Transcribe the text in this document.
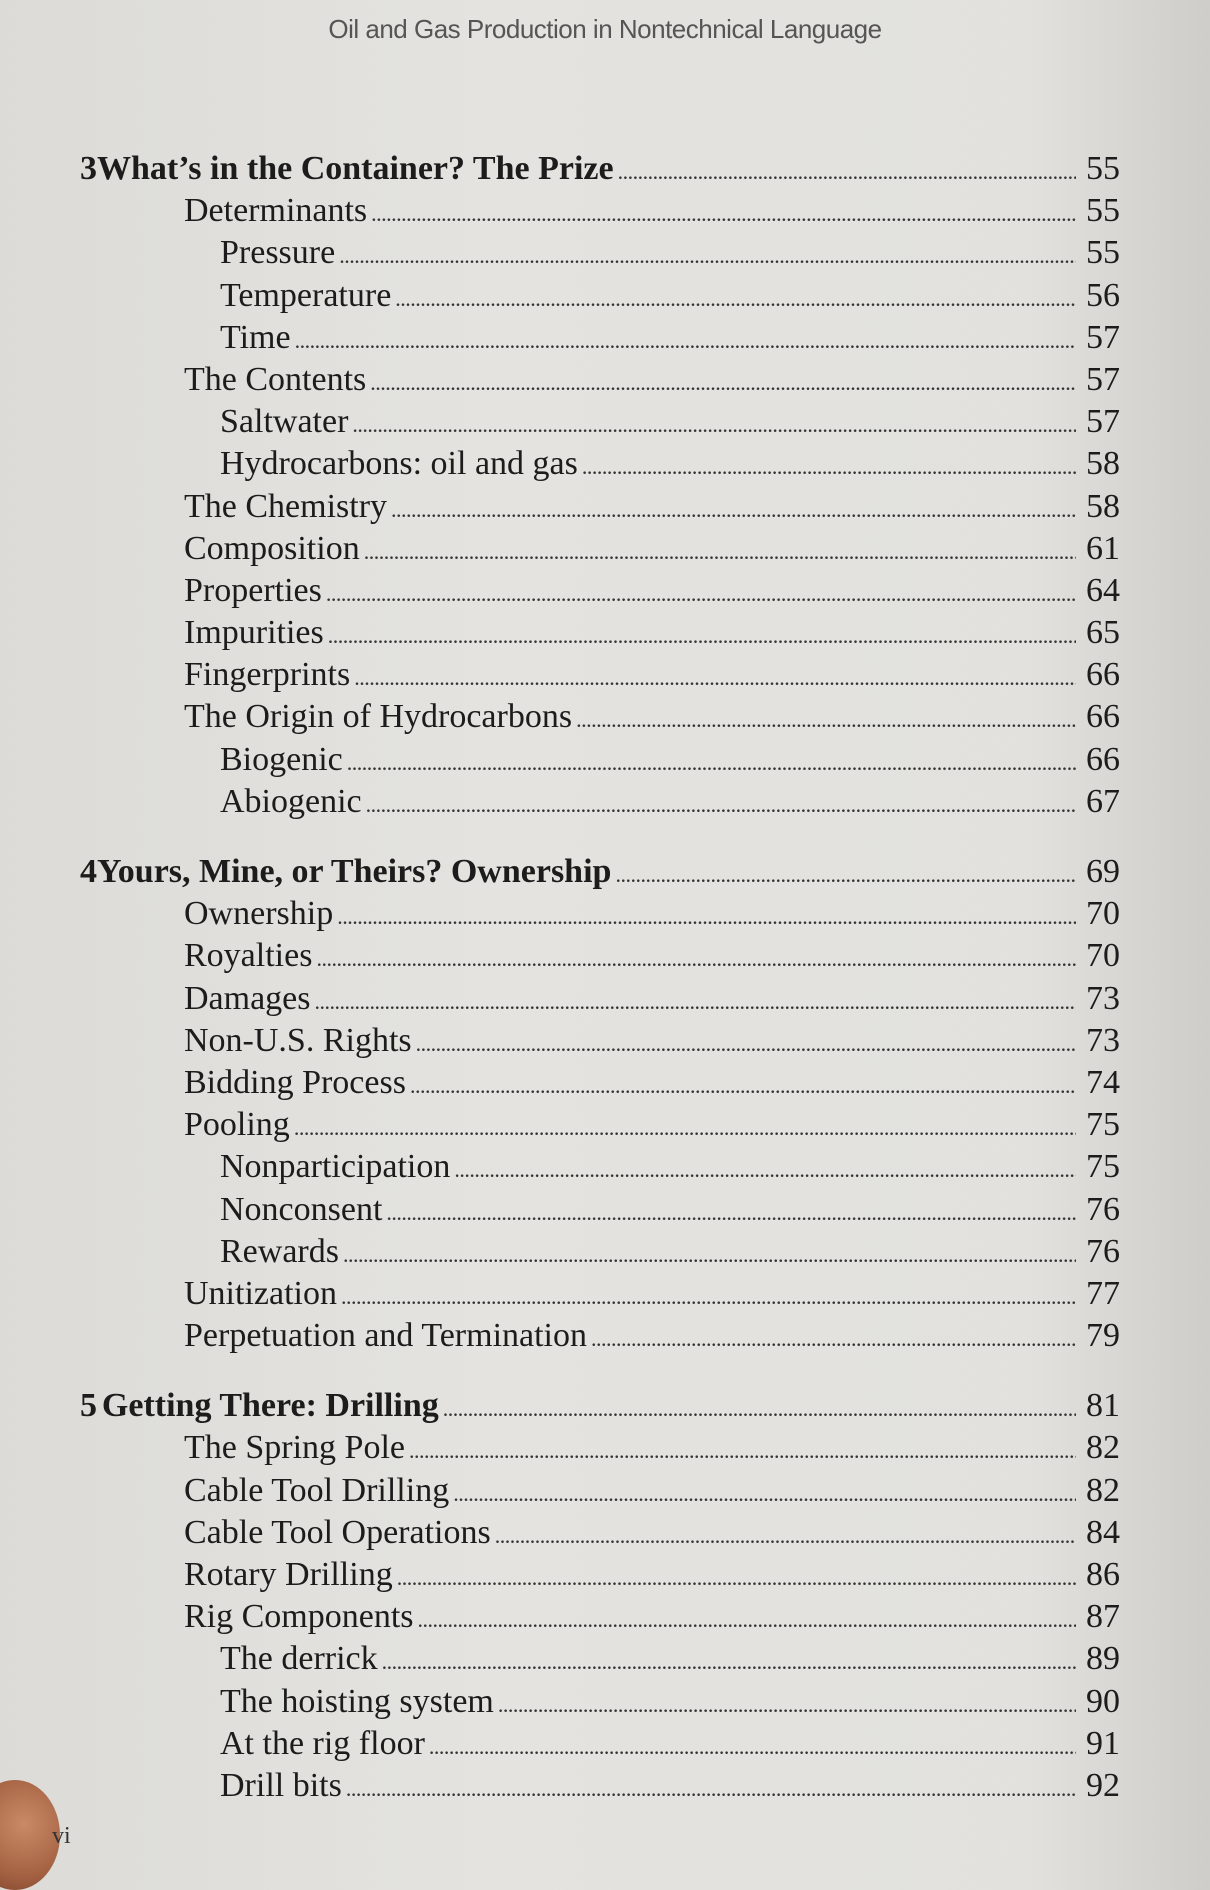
Oil and Gas Production in Nontechnical Language
3 What’s in the Container? The Prize . . .	55
Determinants . . .	55
Pressure . . .	55
Temperature . . .	56
Time . . .	57
The Contents . . .	57
Saltwater . . .	57
Hydrocarbons: oil and gas . . .	58
The Chemistry . . .	58
Composition . . .	61
Properties . . .	64
Impurities . . .	65
Fingerprints . . .	66
The Origin of Hydrocarbons . . .	66
Biogenic . . .	66
Abiogenic . . .	67
4 Yours, Mine, or Theirs? Ownership . . .	69
Ownership . . .	70
Royalties . . .	70
Damages . . .	73
Non-U.S. Rights . . .	73
Bidding Process . . .	74
Pooling . . .	75
Nonparticipation . . .	75
Nonconsent . . .	76
Rewards . . .	76
Unitization . . .	77
Perpetuation and Termination . . .	79
5 Getting There: Drilling . . .	81
The Spring Pole . . .	82
Cable Tool Drilling . . .	82
Cable Tool Operations . . .	84
Rotary Drilling . . .	86
Rig Components . . .	87
The derrick . . .	89
The hoisting system . . .	90
At the rig floor . . .	91
Drill bits . . .	92
vi
